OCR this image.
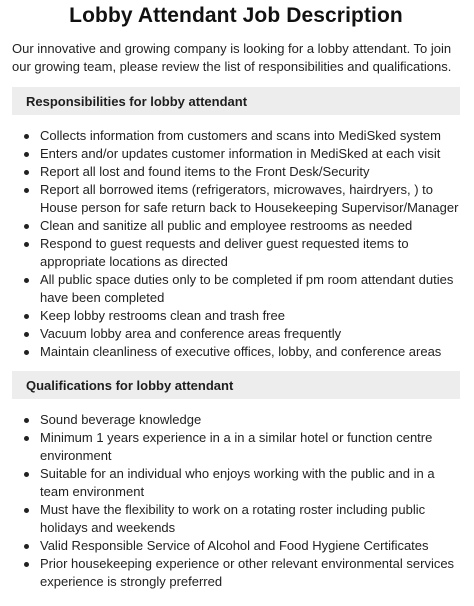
Lobby Attendant Job Description

Our innovative and growing company is looking for a lobby attendant. To join our growing team, please review the list of responsibilities and qualifications.

Responsibilities for lobby attendant
Collects information from customers and scans into MediSked system
Enters and/or updates customer information in MediSked at each visit
Report all lost and found items to the Front Desk/Security
Report all borrowed items (refrigerators, microwaves, hairdryers, ) to House person for safe return back to Housekeeping Supervisor/Manager
Clean and sanitize all public and employee restrooms as needed
Respond to guest requests and deliver guest requested items to appropriate locations as directed
All public space duties only to be completed if pm room attendant duties have been completed
Keep lobby restrooms clean and trash free
Vacuum lobby area and conference areas frequently
Maintain cleanliness of executive offices, lobby, and conference areas
Qualifications for lobby attendant
Sound beverage knowledge
Minimum 1 years experience in a in a similar hotel or function centre environment
Suitable for an individual who enjoys working with the public and in a team environment
Must have the flexibility to work on a rotating roster including public holidays and weekends
Valid Responsible Service of Alcohol and Food Hygiene Certificates
Prior housekeeping experience or other relevant environmental services experience is strongly preferred
